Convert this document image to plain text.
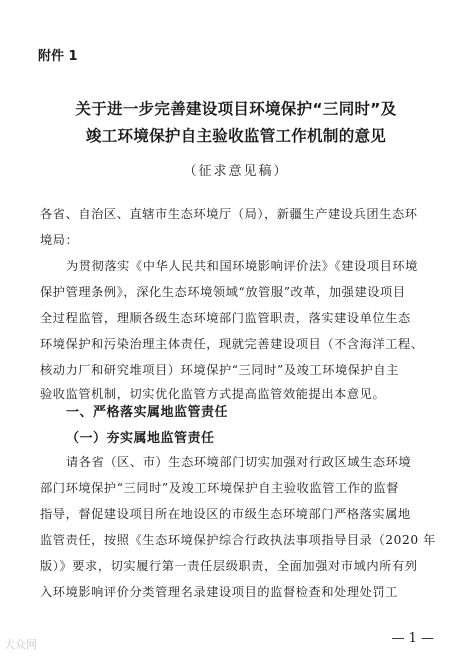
附件 1
关于进一步完善建设项目环境保护“三同时”及
竣工环境保护自主验收监管工作机制的意见
（征求意见稿）
各省、自治区、直辖市生态环境厅（局），新疆生产建设兵团生态环
境局：
为贯彻落实《中华人民共和国环境影响评价法》《建设项目环境
保护管理条例》，深化生态环境领域“放管服”改革，加强建设项目
全过程监管，理顺各级生态环境部门监管职责，落实建设单位生态
环境保护和污染治理主体责任，现就完善建设项目（不含海洋工程、
核动力厂和研究堆项目）环境保护“三同时”及竣工环境保护自主
验收监管机制，切实优化监管方式提高监管效能提出本意见。
一、严格落实属地监管责任
（一）夯实属地监管责任
请各省（区、市）生态环境部门切实加强对行政区域生态环境
部门环境保护“三同时”及竣工环境保护自主验收监管工作的监督
指导，督促建设项目所在地设区的市级生态环境部门严格落实属地
监管责任，按照《生态环境保护综合行政执法事项指导目录（2020 年
版）》要求，切实履行第一责任层级职责，全面加强对市域内所有列
入环境影响评价分类管理名录建设项目的监督检查和处理处罚工
— 1 —
大众网
